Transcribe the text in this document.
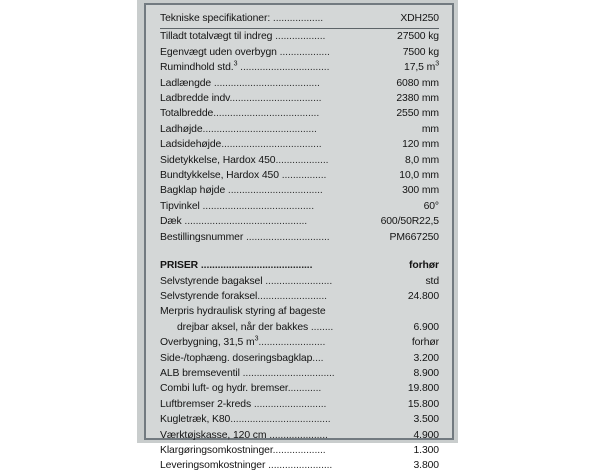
Tekniske specifikationer: ..................	XDH250
Tilladt totalvægt til indreg ..................	27500 kg
Egenvægt uden overbygn ..................	7500 kg
Rumindhold std.$^3$ ................................	17,5 $m^3$
Ladlængde ......................................	6080 mm
Ladbredde indv.................................	2380 mm
Totalbredde......................................	2550 mm
Ladhøjde.........................................	mm
Ladsidehøjde....................................	120 mm
Sidetykkelse, Hardox 450...................	8,0 mm
Bundtykkelse, Hardox 450 ................	10,0 mm
Bagklap højde ..................................	300 mm
Tipvinkel ........................................	60°
Dæk ............................................	600/50R22,5
Bestillingsnummer ..............................	PM667250

PRISER ........................................	forhør
Selvstyrende bagaksel ........................	std
Selvstyrende foraksel.........................	24.800
Merpris hydraulisk styring af bageste	
drejbar aksel, når der bakkes ........	6.900
Overbygning, 31,5 $m^3$........................	forhør
Side-/tophæng. doseringsbagklap....	3.200
ALB bremseventil .................................	8.900
Combi luft- og hydr. bremser............	19.800
Luftbremser 2-kreds ..........................	15.800
Kugletræk, K80....................................	3.500
Værktøjskasse, 120 cm .....................	4.900
Klargøringsomkostninger...................	1.300
Leveringsomkostninger .......................	3.800
